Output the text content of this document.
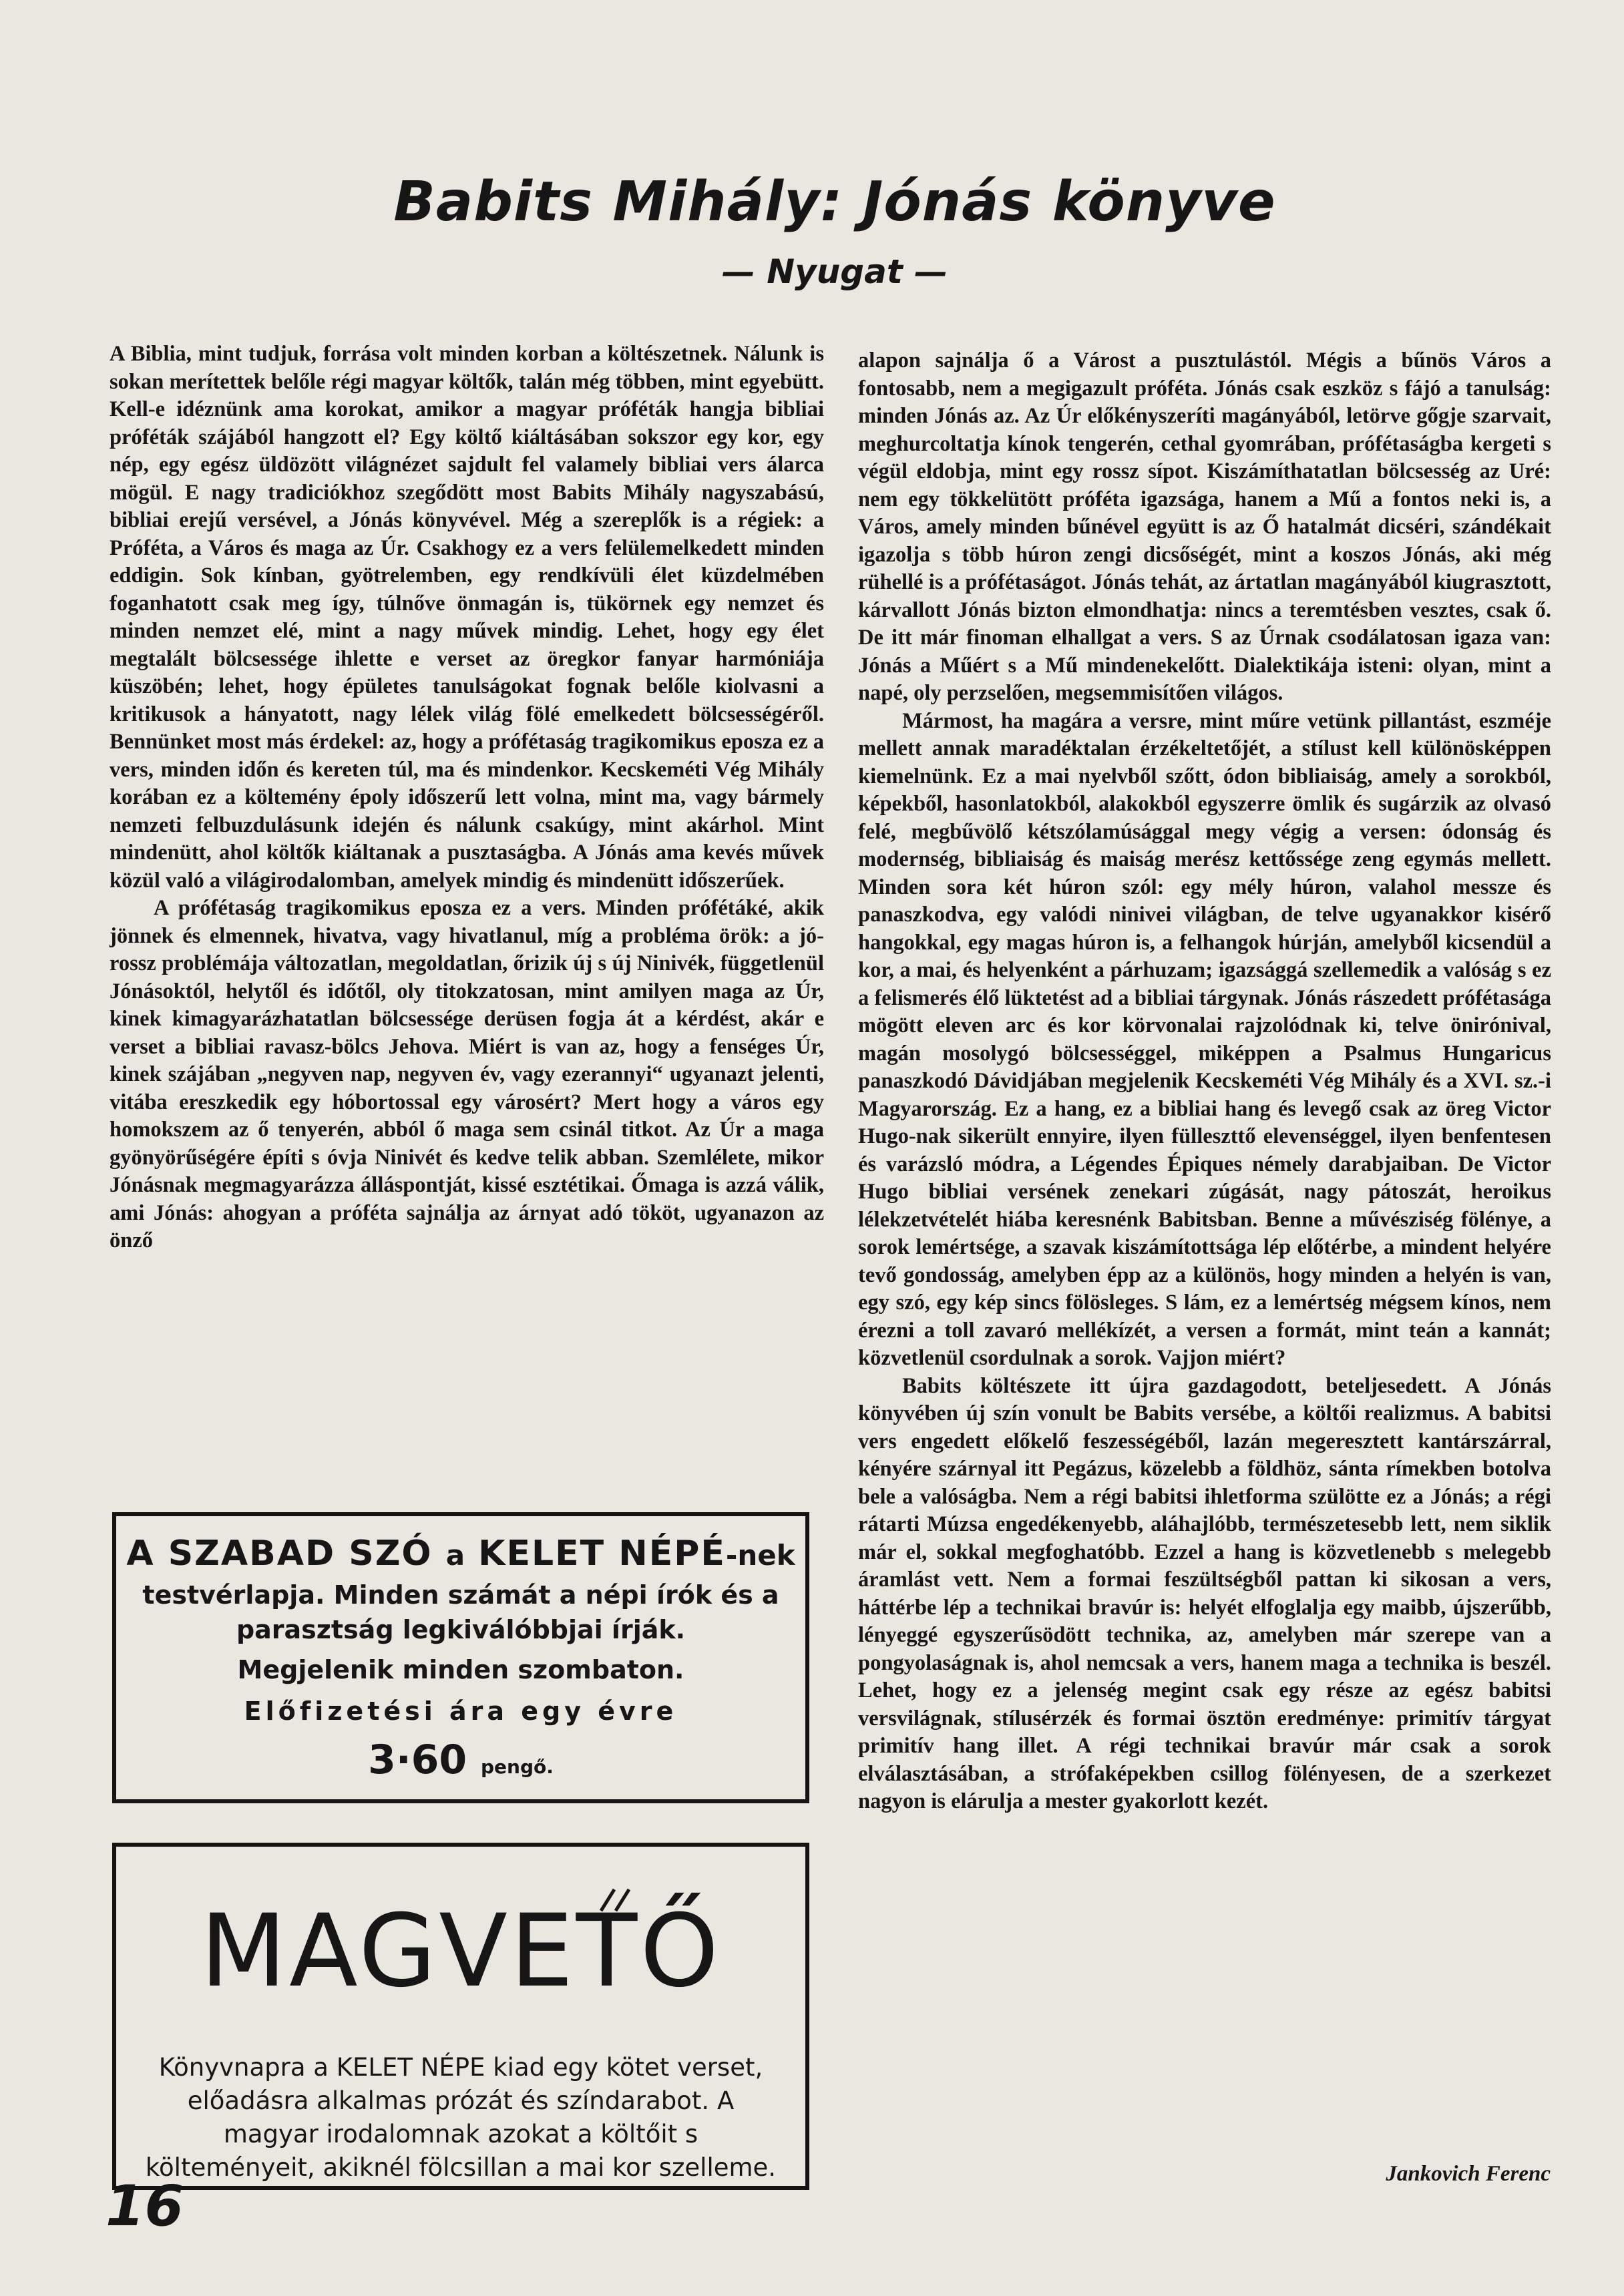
Babits Mihály: Jónás könyve
— Nyugat —

A Biblia, mint tudjuk, forrása volt minden korban a költészetnek. Nálunk is sokan merítettek belőle régi magyar költők, talán még többen, mint egyebütt. Kell-e idéznünk ama korokat, amikor a magyar próféták hangja bibliai próféták szájából hangzott el? Egy költő kiáltásában sokszor egy kor, egy nép, egy egész üldözött világnézet sajdult fel valamely bibliai vers álarca mögül. E nagy tradiciókhoz szegődött most Babits Mihály nagyszabású, bibliai erejű versével, a Jónás könyvével. Még a szereplők is a régiek: a Próféta, a Város és maga az Úr. Csakhogy ez a vers felülemelkedett minden eddigin. Sok kínban, gyötrelemben, egy rendkívüli élet küzdelmében foganhatott csak meg így, túlnőve önmagán is, tükörnek egy nemzet és minden nemzet elé, mint a nagy művek mindig. Lehet, hogy egy élet megtalált bölcsessége ihlette e verset az öregkor fanyar harmóniája küszöbén; lehet, hogy épületes tanulságokat fognak belőle kiolvasni a kritikusok a hányatott, nagy lélek világ fölé emelkedett bölcsességéről. Bennünket most más érdekel: az, hogy a prófétaság tragikomikus eposza ez a vers, minden időn és kereten túl, ma és mindenkor. Kecskeméti Vég Mihály korában ez a költemény époly időszerű lett volna, mint ma, vagy bármely nemzeti felbuzdulásunk idején és nálunk csakúgy, mint akárhol. Mint mindenütt, ahol költők kiáltanak a pusztaságba. A Jónás ama kevés művek közül való a világirodalomban, amelyek mindig és mindenütt időszerűek.

A prófétaság tragikomikus eposza ez a vers. Minden prófétáké, akik jönnek és elmennek, hivatva, vagy hivatlanul, míg a probléma örök: a jó-rossz problémája változatlan, megoldatlan, őrizik új s új Ninivék, függetlenül Jónásoktól, helytől és időtől, oly titokzatosan, mint amilyen maga az Úr, kinek kimagyarázhatatlan bölcsessége derüsen fogja át a kérdést, akár e verset a bibliai ravasz-bölcs Jehova. Miért is van az, hogy a fenséges Úr, kinek szájában „negyven nap, negyven év, vagy ezerannyi“ ugyanazt jelenti, vitába ereszkedik egy hóbortossal egy városért? Mert hogy a város egy homokszem az ő tenyerén, abból ő maga sem csinál titkot. Az Úr a maga gyönyörűségére építi s óvja Ninivét és kedve telik abban. Szemlélete, mikor Jónásnak megmagyarázza álláspontját, kissé esztétikai. Őmaga is azzá válik, ami Jónás: ahogyan a próféta sajnálja az árnyat adó tököt, ugyanazon az önző

alapon sajnálja ő a Várost a pusztulástól. Mégis a bűnös Város a fontosabb, nem a megigazult próféta. Jónás csak eszköz s fájó a tanulság: minden Jónás az. Az Úr előkényszeríti magányából, letörve gőgje szarvait, meghurcoltatja kínok tengerén, cethal gyomrában, prófétaságba kergeti s végül eldobja, mint egy rossz sípot. Kiszámíthatatlan bölcsesség az Uré: nem egy tökkelütött próféta igazsága, hanem a Mű a fontos neki is, a Város, amely minden bűnével együtt is az Ő hatalmát dicséri, szándékait igazolja s több húron zengi dicsőségét, mint a koszos Jónás, aki még rühellé is a prófétaságot. Jónás tehát, az ártatlan magányából kiugrasztott, kárvallott Jónás bizton elmondhatja: nincs a teremtésben vesztes, csak ő. De itt már finoman elhallgat a vers. S az Úrnak csodálatosan igaza van: Jónás a Műért s a Mű mindenekelőtt. Dialektikája isteni: olyan, mint a napé, oly perzselően, megsemmisítően világos.

Mármost, ha magára a versre, mint műre vetünk pillantást, eszméje mellett annak maradéktalan érzékeltetőjét, a stílust kell különösképpen kiemelnünk. Ez a mai nyelvből szőtt, ódon bibliaiság, amely a sorokból, képekből, hasonlatokból, alakokból egyszerre ömlik és sugárzik az olvasó felé, megbűvölő kétszólamúsággal megy végig a versen: ódonság és modernség, bibliaiság és maiság merész kettőssége zeng egymás mellett. Minden sora két húron szól: egy mély húron, valahol messze és panaszkodva, egy valódi ninivei világban, de telve ugyanakkor kisérő hangokkal, egy magas húron is, a felhangok húrján, amelyből kicsendül a kor, a mai, és helyenként a párhuzam; igazsággá szellemedik a valóság s ez a felismerés élő lüktetést ad a bibliai tárgynak. Jónás rászedett prófétasága mögött eleven arc és kor körvonalai rajzolódnak ki, telve önirónival, magán mosolygó bölcsességgel, miképpen a Psalmus Hungaricus panaszkodó Dávidjában megjelenik Kecskeméti Vég Mihály és a XVI. sz.-i Magyarország. Ez a hang, ez a bibliai hang és levegő csak az öreg Victor Hugo-nak sikerült ennyire, ilyen fülleszttő elevenséggel, ilyen benfentesen és varázsló módra, a Légendes Épiques némely darabjaiban. De Victor Hugo bibliai versének zenekari zúgását, nagy pátoszát, heroikus lélekzetvételét hiába keresnénk Babitsban. Benne a művésziség fölénye, a sorok lemértsége, a szavak kiszámítottsága lép előtérbe, a mindent helyére tevő gondosság, amelyben épp az a különös, hogy minden a helyén is van, egy szó, egy kép sincs fölösleges. S lám, ez a lemértség mégsem kínos, nem érezni a toll zavaró mellékízét, a versen a formát, mint teán a kannát; közvetlenül csordulnak a sorok. Vajjon miért?

Babits költészete itt újra gazdagodott, beteljesedett. A Jónás könyvében új szín vonult be Babits versébe, a költői realizmus. A babitsi vers engedett előkelő feszességéből, lazán megeresztett kantárszárral, kényére szárnyal itt Pegázus, közelebb a földhöz, sánta rímekben botolva bele a valóságba. Nem a régi babitsi ihletforma szülötte ez a Jónás; a régi rátarti Múzsa engedékenyebb, aláhajlóbb, természetesebb lett, nem siklik már el, sokkal megfoghatóbb. Ezzel a hang is közvetlenebb s melegebb áramlást vett. Nem a formai feszültségből pattan ki sikosan a vers, háttérbe lép a technikai bravúr is: helyét elfoglalja egy maibb, újszerűbb, lényeggé egyszerűsödött technika, az, amelyben már szerepe van a pongyolaságnak is, ahol nemcsak a vers, hanem maga a technika is beszél. Lehet, hogy ez a jelenség megint csak egy része az egész babitsi versvilágnak, stílusérzék és formai ösztön eredménye: primitív tárgyat primitív hang illet. A régi technikai bravúr már csak a sorok elválasztásában, a strófaképekben csillog fölényesen, de a szerkezet nagyon is elárulja a mester gyakorlott kezét.

Jankovich Ferenc
A SZABAD SZÓ a KELET NÉPÉ-nek
testvérlapja. Minden számát a népi írók és a
parasztság legkiválóbbjai írják.
Megjelenik minden szombaton.
Előfizetési ára egy évre
3·60 pengő.
MAGVETŐ
Könyvnapra a KELET NÉPE kiad egy kötet verset, előadásra alkalmas prózát és színdarabot. A magyar irodalomnak azokat a költőit s költeményeit, akiknél fölcsillan a mai kor szelleme.
16
